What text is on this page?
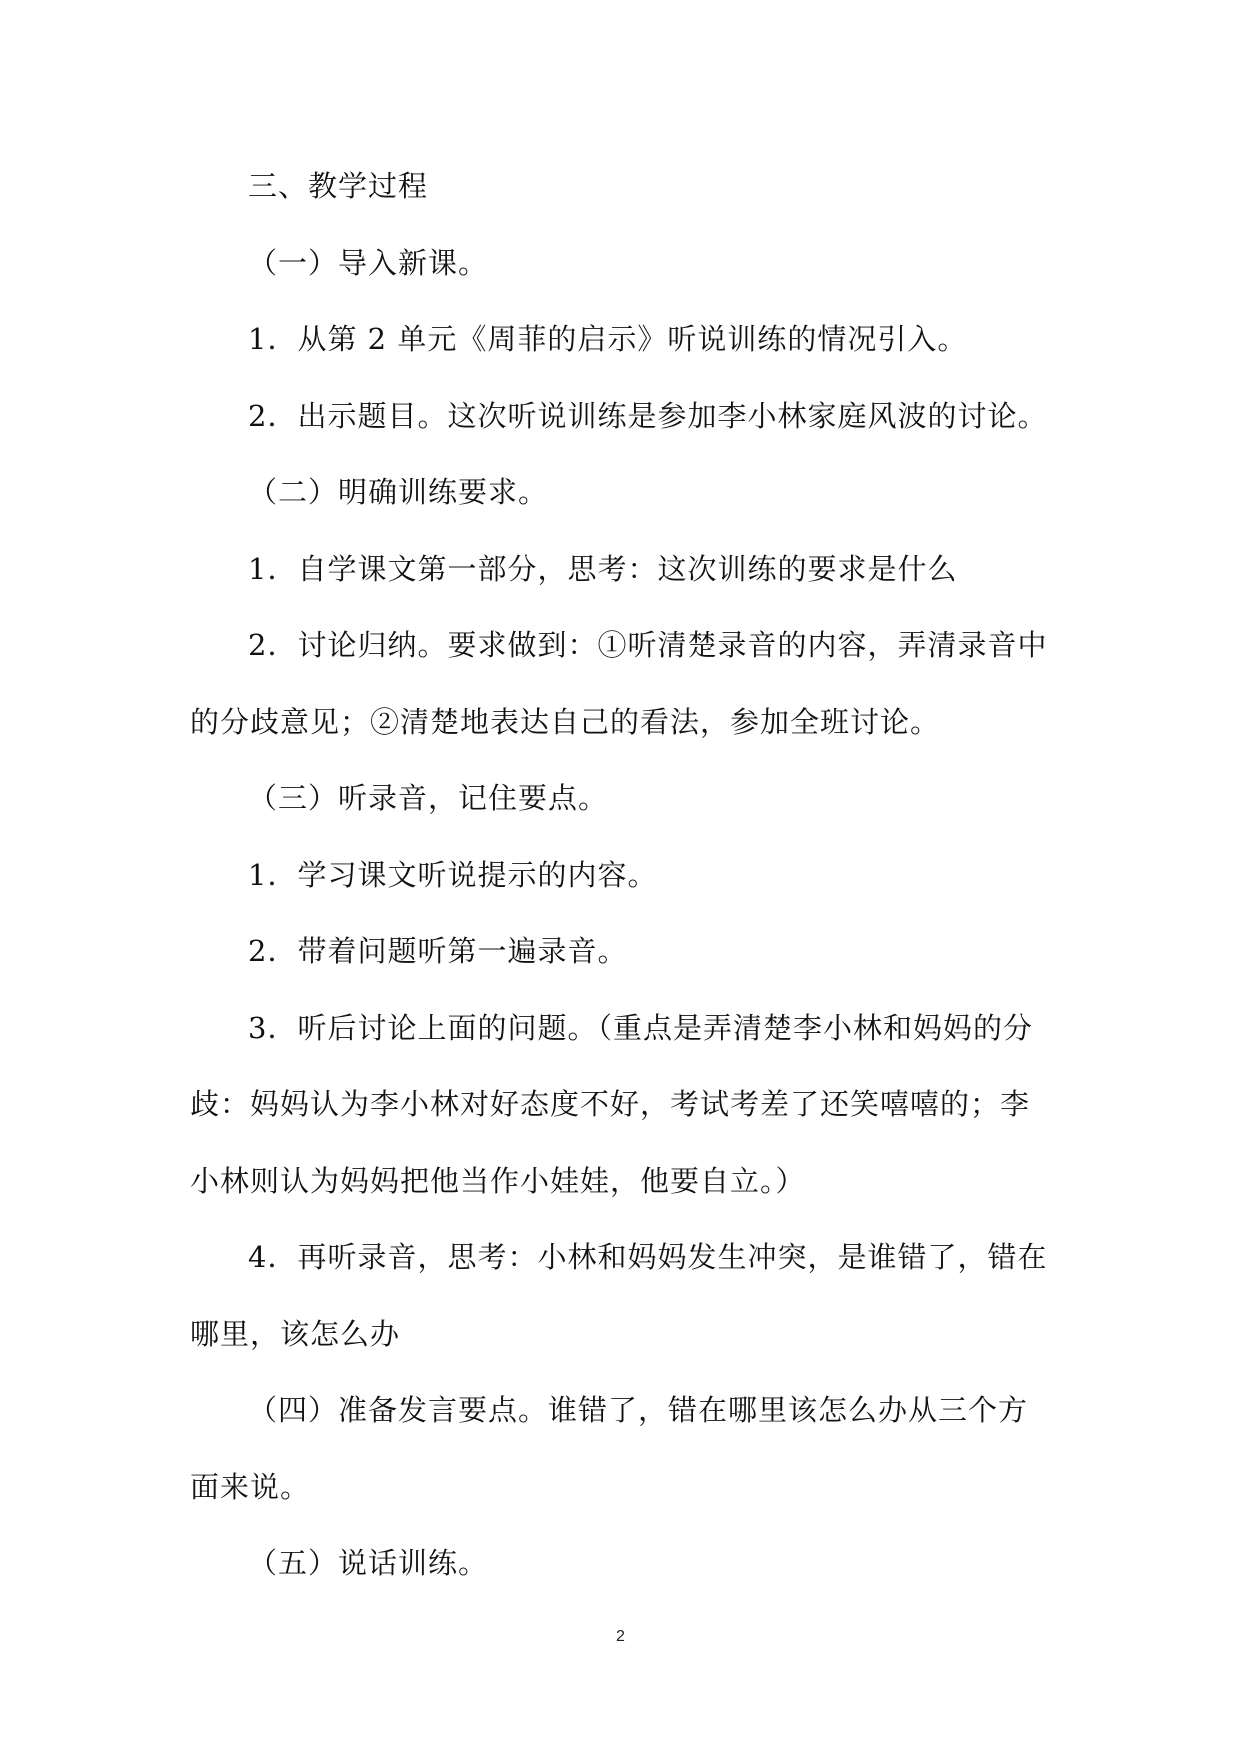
三、教学过程

（一）导入新课。

1．从第 2 单元《周菲的启示》听说训练的情况引入。

2．出示题目。这次听说训练是参加李小林家庭风波的讨论。

（二）明确训练要求。

1．自学课文第一部分，思考：这次训练的要求是什么

2．讨论归纳。要求做到：①听清楚录音的内容，弄清录音中的分歧意见；②清楚地表达自己的看法，参加全班讨论。

（三）听录音，记住要点。

1．学习课文听说提示的内容。

2．带着问题听第一遍录音。

3．听后讨论上面的问题。（重点是弄清楚李小林和妈妈的分歧：妈妈认为李小林对好态度不好，考试考差了还笑嘻嘻的；李小林则认为妈妈把他当作小娃娃，他要自立。）

4．再听录音，思考：小林和妈妈发生冲突，是谁错了，错在哪里，该怎么办

（四）准备发言要点。谁错了，错在哪里该怎么办从三个方面来说。

（五）说话训练。

2
